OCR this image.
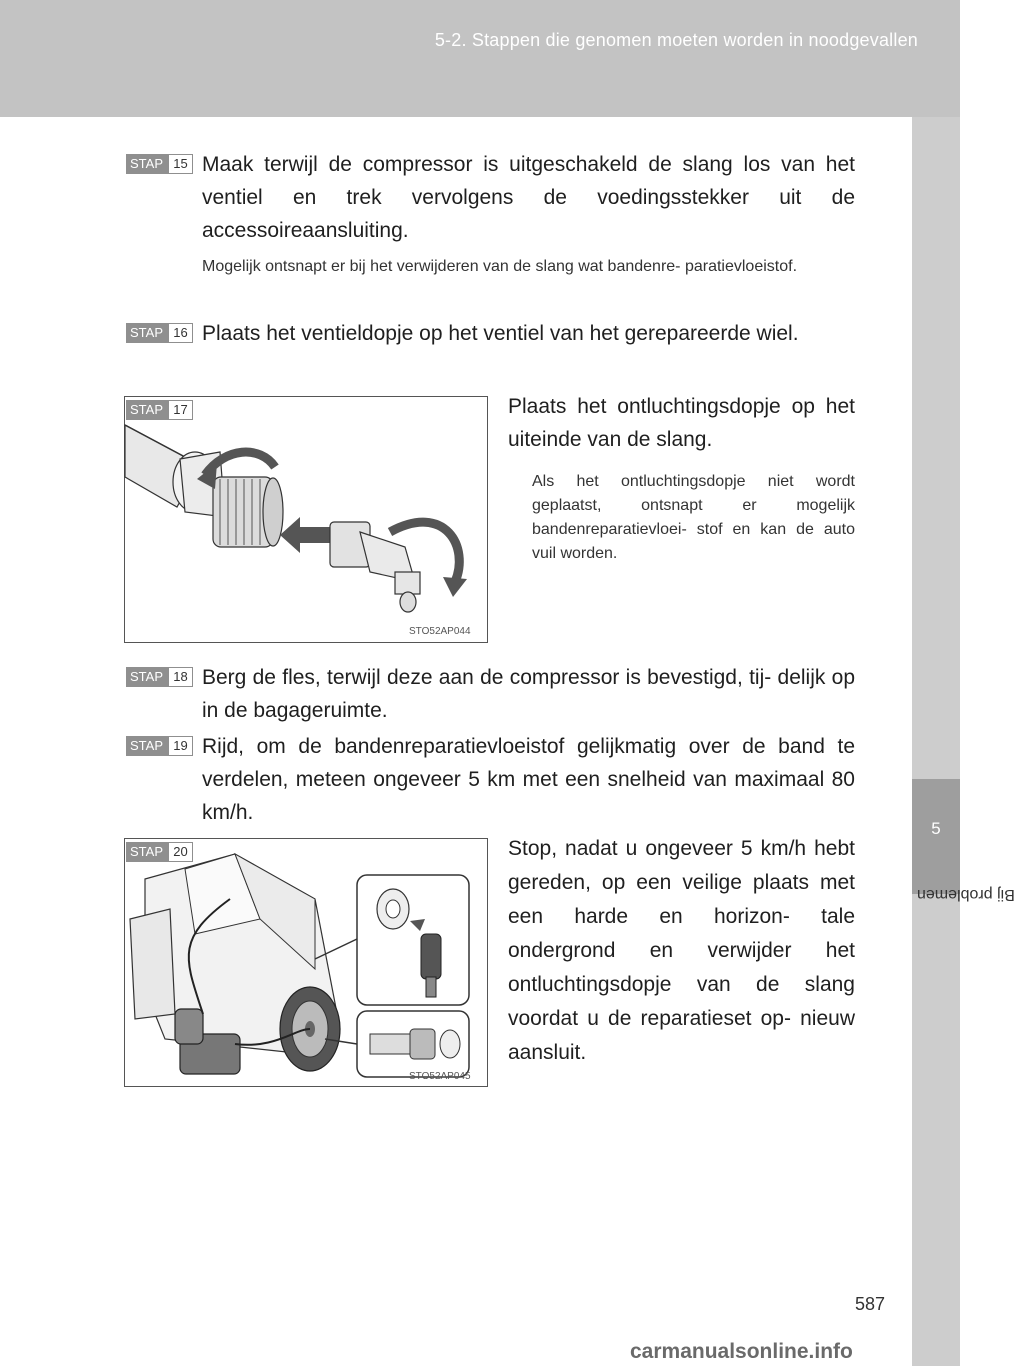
5-2. Stappen die genomen moeten worden in noodgevallen
5
Bij problemen
STAP 15 Maak terwijl de compressor is uitgeschakeld de slang los van het ventiel en trek vervolgens de voedingsstekker uit de accessoireaansluiting.
Mogelijk ontsnapt er bij het verwijderen van de slang wat bandenre- paratievloeistof.
STAP 16 Plaats het ventieldopje op het ventiel van het gerepareerde wiel.
STO52AP044
STAP 17	Plaats het ontluchtingsdopje op het uiteinde van de slang.
Als het ontluchtingsdopje niet wordt geplaatst, ontsnapt er mogelijk bandenreparatievloei- stof en kan de auto vuil worden.
STAP 18 Berg de fles, terwijl deze aan de compressor is bevestigd, tij- delijk op in de bagageruimte.
STAP 19 Rijd, om de bandenreparatievloeistof gelijkmatig over de band te verdelen, meteen ongeveer 5 km met een snelheid van maximaal 80 km/h.
STO52AP045
STAP 20	Stop, nadat u ongeveer 5 km/h hebt gereden, op een veilige plaats met een harde en horizon- tale ondergrond en verwijder het ontluchtingsdopje van de slang voordat u de reparatieset op- nieuw aansluit.
587
carmanualsonline.info
